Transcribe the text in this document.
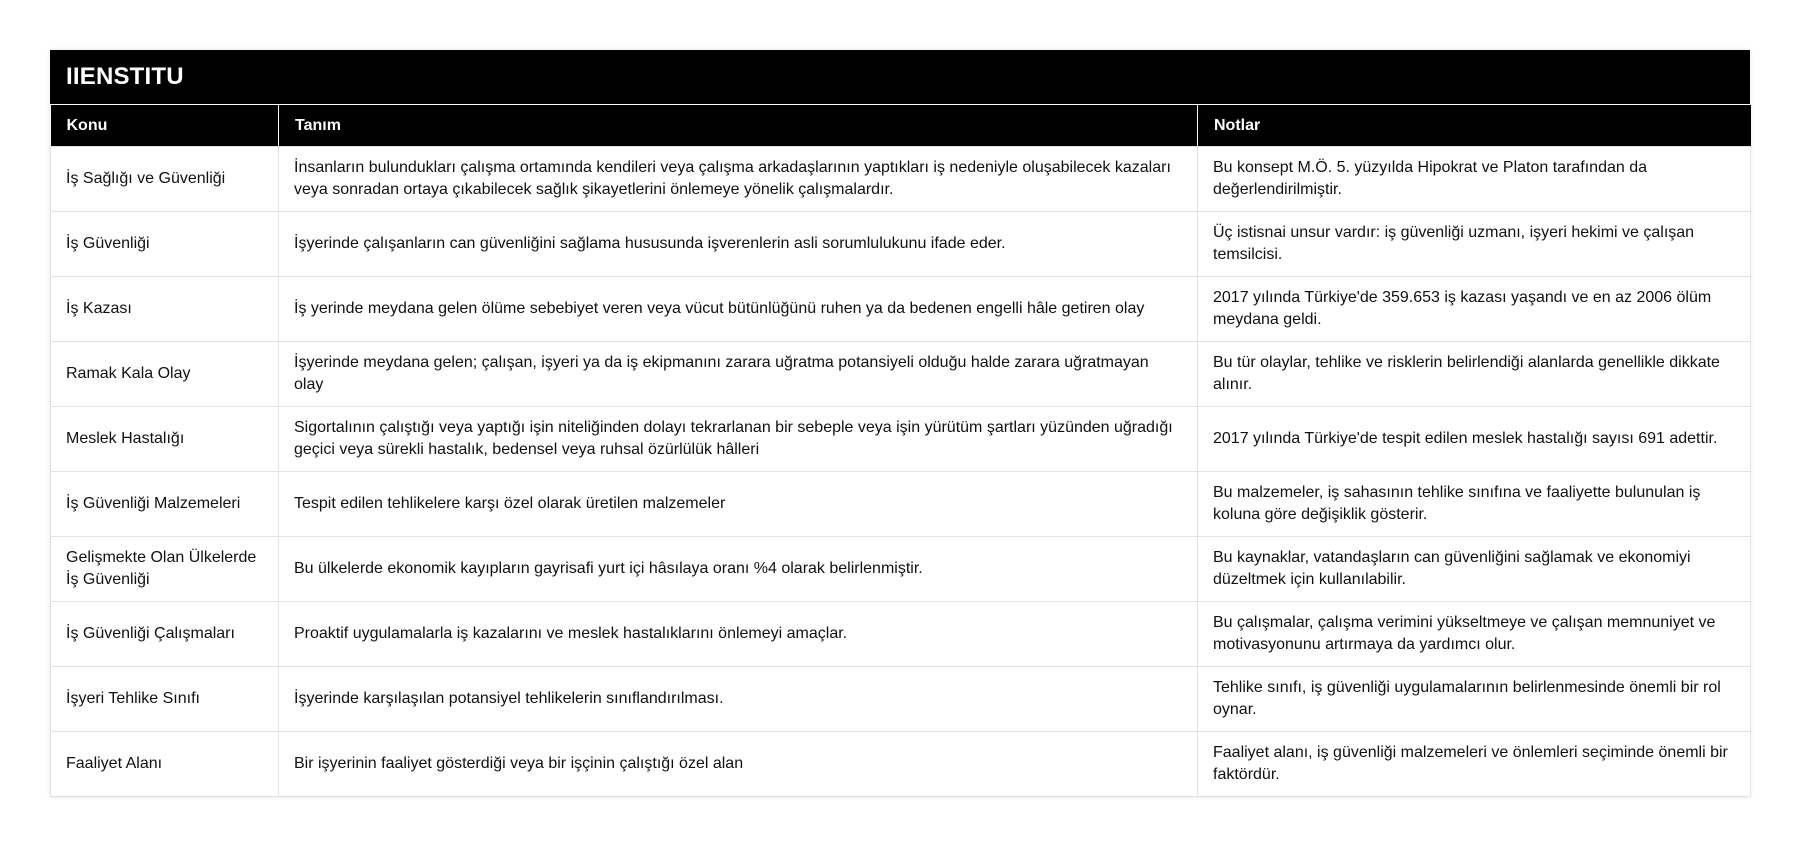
IIENSTITU
Konu	Tanım	Notlar
İş Sağlığı ve Güvenliği	İnsanların bulundukları çalışma ortamında kendileri veya çalışma arkadaşlarının yaptıkları iş nedeniyle oluşabilecek kazaları veya sonradan ortaya çıkabilecek sağlık şikayetlerini önlemeye yönelik çalışmalardır.	Bu konsept M.Ö. 5. yüzyılda Hipokrat ve Platon tarafından da değerlendirilmiştir.
İş Güvenliği	İşyerinde çalışanların can güvenliğini sağlama hususunda işverenlerin asli sorumlulukunu ifade eder.	Üç istisnai unsur vardır: iş güvenliği uzmanı, işyeri hekimi ve çalışan temsilcisi.
İş Kazası	İş yerinde meydana gelen ölüme sebebiyet veren veya vücut bütünlüğünü ruhen ya da bedenen engelli hâle getiren olay	2017 yılında Türkiye'de 359.653 iş kazası yaşandı ve en az 2006 ölüm meydana geldi.
Ramak Kala Olay	İşyerinde meydana gelen; çalışan, işyeri ya da iş ekipmanını zarara uğratma potansiyeli olduğu halde zarara uğratmayan olay	Bu tür olaylar, tehlike ve risklerin belirlendiği alanlarda genellikle dikkate alınır.
Meslek Hastalığı	Sigortalının çalıştığı veya yaptığı işin niteliğinden dolayı tekrarlanan bir sebeple veya işin yürütüm şartları yüzünden uğradığı geçici veya sürekli hastalık, bedensel veya ruhsal özürlülük hâlleri	2017 yılında Türkiye'de tespit edilen meslek hastalığı sayısı 691 adettir.
İş Güvenliği Malzemeleri	Tespit edilen tehlikelere karşı özel olarak üretilen malzemeler	Bu malzemeler, iş sahasının tehlike sınıfına ve faaliyette bulunulan iş koluna göre değişiklik gösterir.
Gelişmekte Olan Ülkelerde İş Güvenliği	Bu ülkelerde ekonomik kayıpların gayrisafi yurt içi hâsılaya oranı %4 olarak belirlenmiştir.	Bu kaynaklar, vatandaşların can güvenliğini sağlamak ve ekonomiyi düzeltmek için kullanılabilir.
İş Güvenliği Çalışmaları	Proaktif uygulamalarla iş kazalarını ve meslek hastalıklarını önlemeyi amaçlar.	Bu çalışmalar, çalışma verimini yükseltmeye ve çalışan memnuniyet ve motivasyonunu artırmaya da yardımcı olur.
İşyeri Tehlike Sınıfı	İşyerinde karşılaşılan potansiyel tehlikelerin sınıflandırılması.	Tehlike sınıfı, iş güvenliği uygulamalarının belirlenmesinde önemli bir rol oynar.
Faaliyet Alanı	Bir işyerinin faaliyet gösterdiği veya bir işçinin çalıştığı özel alan	Faaliyet alanı, iş güvenliği malzemeleri ve önlemleri seçiminde önemli bir faktördür.
